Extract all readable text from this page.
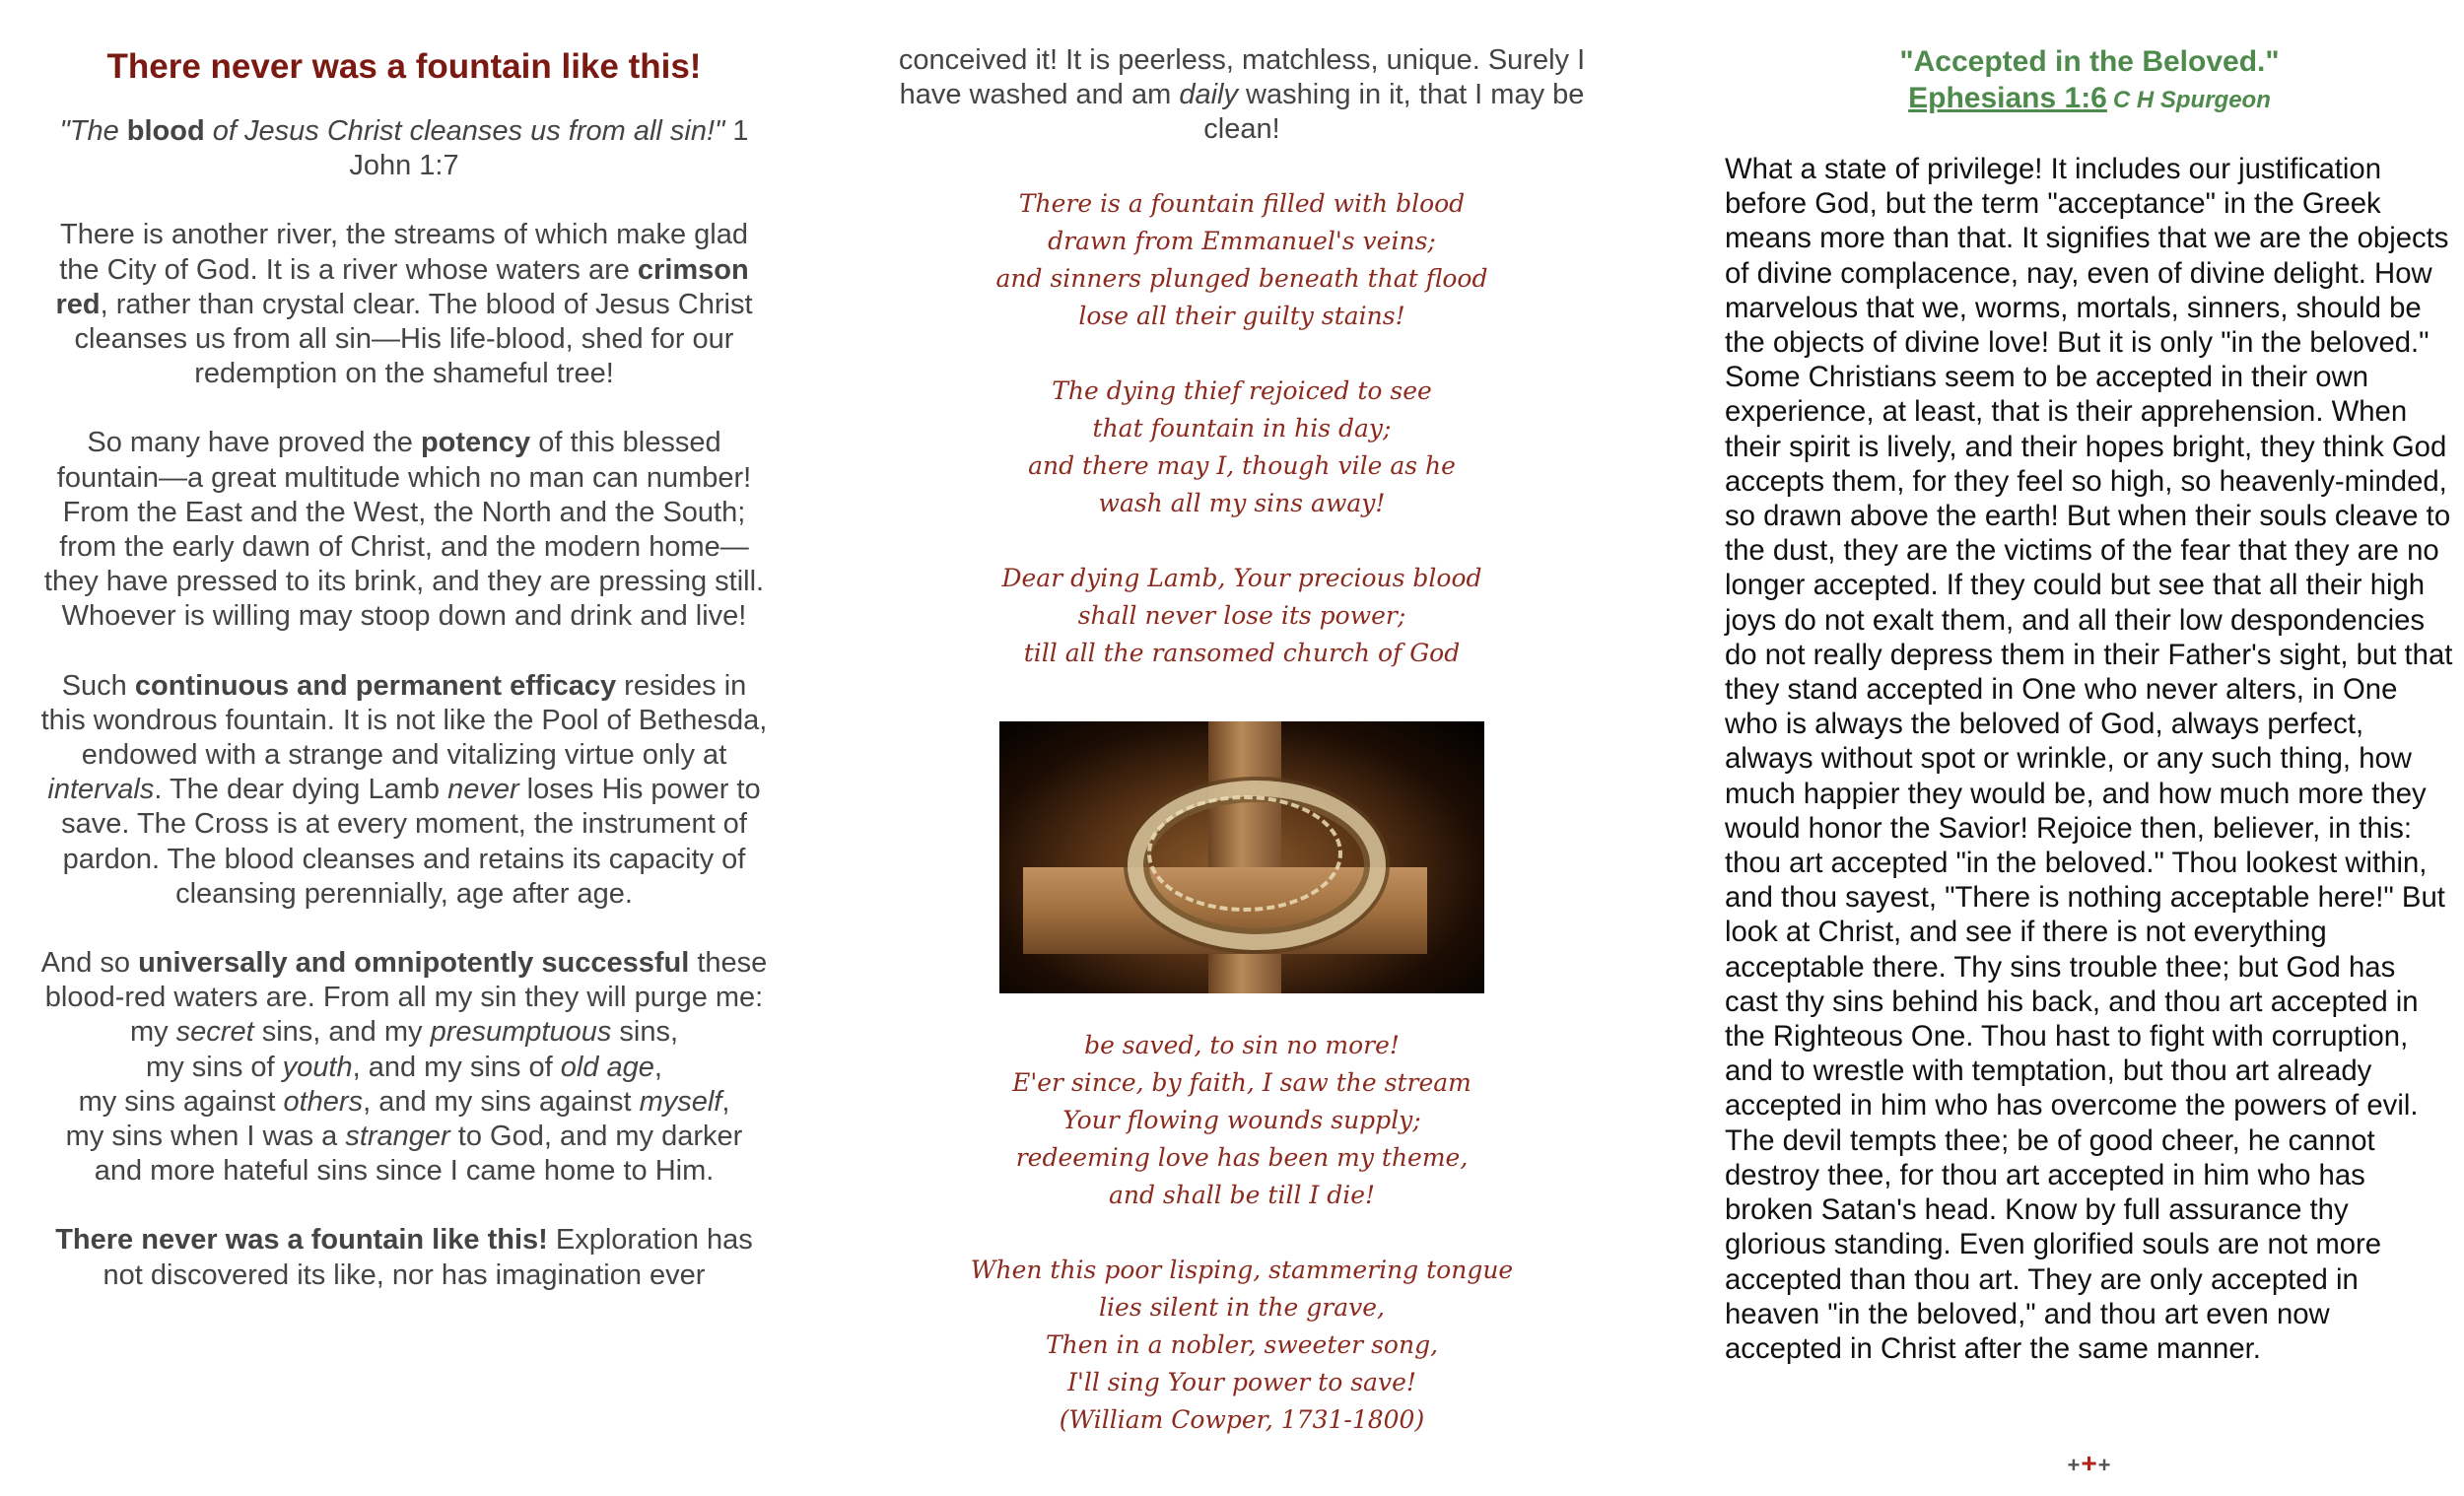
There never was a fountain like this!

"The blood of Jesus Christ cleanses us from all sin!" 1 John 1:7

There is another river, the streams of which make glad the City of God. It is a river whose waters are crimson red, rather than crystal clear. The blood of Jesus Christ cleanses us from all sin—His life-blood, shed for our redemption on the shameful tree!

So many have proved the potency of this blessed fountain—a great multitude which no man can number! From the East and the West, the North and the South; from the early dawn of Christ, and the modern home—they have pressed to its brink, and they are pressing still. Whoever is willing may stoop down and drink and live!

Such continuous and permanent efficacy resides in this wondrous fountain. It is not like the Pool of Bethesda, endowed with a strange and vitalizing virtue only at intervals. The dear dying Lamb never loses His power to save. The Cross is at every moment, the instrument of pardon. The blood cleanses and retains its capacity of cleansing perennially, age after age.

And so universally and omnipotently successful these blood-red waters are. From all my sin they will purge me:
my secret sins, and my presumptuous sins,
my sins of youth, and my sins of old age,
my sins against others, and my sins against myself,
my sins when I was a stranger to God, and my darker and more hateful sins since I came home to Him.

There never was a fountain like this! Exploration has not discovered its like, nor has imagination ever

conceived it! It is peerless, matchless, unique. Surely I have washed and am daily washing in it, that I may be clean!

There is a fountain filled with blood
drawn from Emmanuel's veins;
and sinners plunged beneath that flood
lose all their guilty stains!
The dying thief rejoiced to see
that fountain in his day;
and there may I, though vile as he
wash all my sins away!
Dear dying Lamb, Your precious blood
shall never lose its power;
till all the ransomed church of God
be saved, to sin no more!
E'er since, by faith, I saw the stream
Your flowing wounds supply;
redeeming love has been my theme,
and shall be till I die!
When this poor lisping, stammering tongue
lies silent in the grave,
Then in a nobler, sweeter song,
I'll sing Your power to save!
(William Cowper, 1731-1800)
"Accepted in the Beloved."
Ephesians 1:6 C H Spurgeon
What a state of privilege! It includes our justification before God, but the term "acceptance" in the Greek means more than that. It signifies that we are the objects of divine complacence, nay, even of divine delight. How marvelous that we, worms, mortals, sinners, should be the objects of divine love! But it is only "in the beloved." Some Christians seem to be accepted in their own experience, at least, that is their apprehension. When their spirit is lively, and their hopes bright, they think God accepts them, for they feel so high, so heavenly-minded, so drawn above the earth! But when their souls cleave to the dust, they are the victims of the fear that they are no longer accepted. If they could but see that all their high joys do not exalt them, and all their low despondencies do not really depress them in their Father's sight, but that they stand accepted in One who never alters, in One who is always the beloved of God, always perfect, always without spot or wrinkle, or any such thing, how much happier they would be, and how much more they would honor the Savior! Rejoice then, believer, in this: thou art accepted "in the beloved." Thou lookest within, and thou sayest, "There is nothing acceptable here!" But look at Christ, and see if there is not everything acceptable there. Thy sins trouble thee; but God has cast thy sins behind his back, and thou art accepted in the Righteous One. Thou hast to fight with corruption, and to wrestle with temptation, but thou art already accepted in him who has overcome the powers of evil. The devil tempts thee; be of good cheer, he cannot destroy thee, for thou art accepted in him who has broken Satan's head. Know by full assurance thy glorious standing. Even glorified souls are not more accepted than thou art. They are only accepted in heaven "in the beloved," and thou art even now accepted in Christ after the same manner.
+++
